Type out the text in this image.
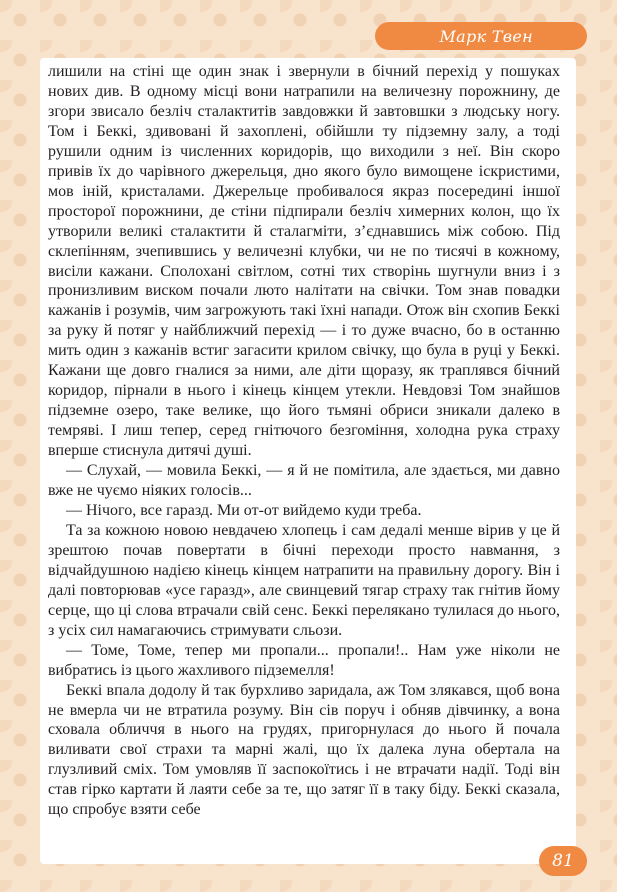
Марк Твен

лишили на стіні ще один знак і звернули в бічний перехід у пошуках нових див. В одному місці вони натрапили на величезну порожнину, де згори звисало безліч сталактитів завдовжки й завтовшки з людську ногу. Том і Беккі, здивовані й захоплені, обійшли ту підземну залу, а тоді рушили одним із численних коридорів, що виходили з неї. Він скоро привів їх до чарівного джерельця, дно якого було вимощене іскристими, мов іній, кристалами. Джерельце пробивалося якраз посередині іншої просторої порожнини, де стіни підпирали безліч химерних колон, що їх утворили великі сталактити й сталагміти, з’єднавшись між собою. Під склепінням, зчепившись у величезні клубки, чи не по тисячі в кожному, висіли кажани. Сполохані світлом, сотні тих створінь шугнули вниз і з пронизливим виском почали люто налітати на свічки. Том знав повадки кажанів і розумів, чим загрожують такі їхні напади. Отож він схопив Беккі за руку й потяг у найближчий перехід — і то дуже вчасно, бо в останню мить один з кажанів встиг загасити крилом свічку, що була в руці у Беккі. Кажани ще довго гналися за ними, але діти щоразу, як траплявся бічний коридор, пірнали в нього і кінець кінцем утекли. Невдовзі Том знайшов підземне озеро, таке велике, що його тьмяні обриси зникали далеко в темряві. І лиш тепер, серед гнітючого безгоміння, холодна рука страху вперше стиснула дитячі душі.

— Слухай, — мовила Беккі, — я й не помітила, але здається, ми давно вже не чуємо ніяких голосів...

— Нічого, все гаразд. Ми от-от вийдемо куди треба.

Та за кожною новою невдачею хлопець і сам дедалі менше вірив у це й зрештою почав повертати в бічні переходи просто навмання, з відчайдушною надією кінець кінцем натрапити на правильну дорогу. Він і далі повторював «усе гаразд», але свинцевий тягар страху так гнітив йому серце, що ці слова втрачали свій сенс. Беккі перелякано тулилася до нього, з усіх сил намагаючись стримувати сльози.

— Томе, Томе, тепер ми пропали... пропали!.. Нам уже ніколи не вибратись із цього жахливого підземелля!

Беккі впала додолу й так бурхливо заридала, аж Том злякався, щоб вона не вмерла чи не втратила розуму. Він сів поруч і обняв дівчинку, а вона сховала обличчя в нього на грудях, пригорнулася до нього й почала виливати свої страхи та марні жалі, що їх далека луна обертала на глузливий сміх. Том умовляв її заспокоїтись і не втрачати надії. Тоді він став гірко картати й лаяти себе за те, що затяг її в таку біду. Беккі сказала, що спробує взяти себе

81
